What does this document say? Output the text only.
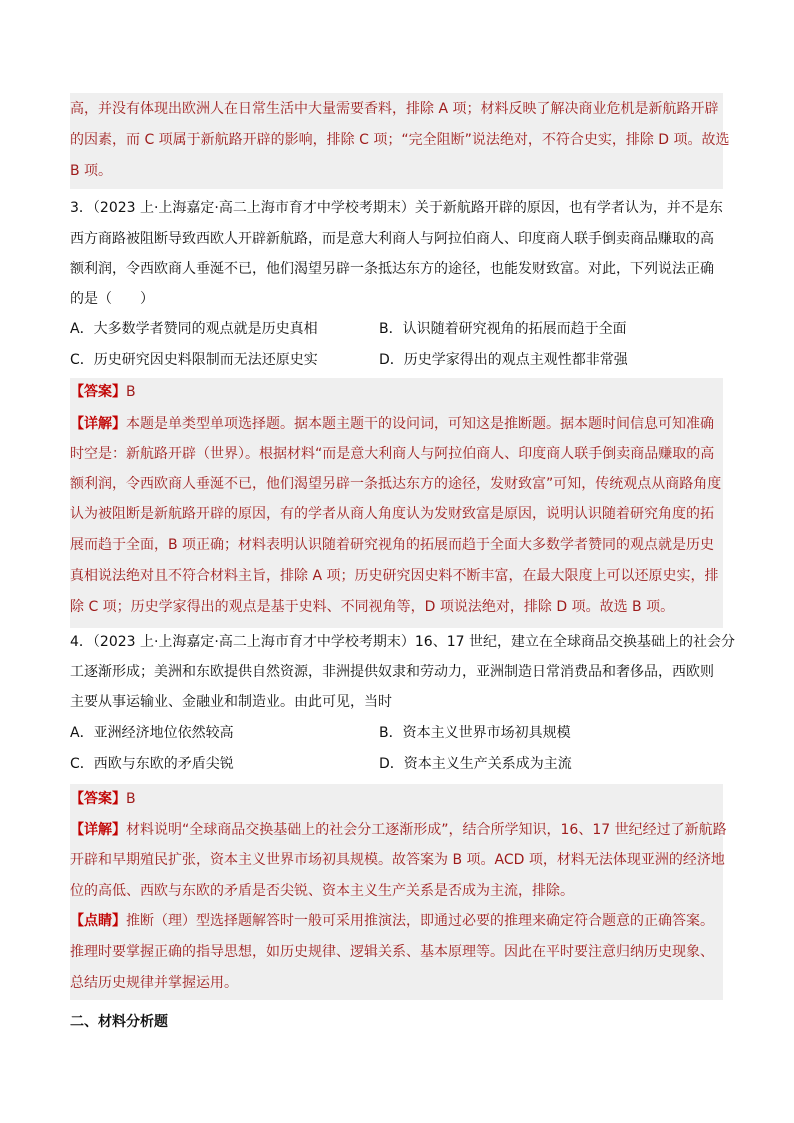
高，并没有体现出欧洲人在日常生活中大量需要香料，排除 A 项；材料反映了解决商业危机是新航路开辟
的因素，而 C 项属于新航路开辟的影响，排除 C 项；“完全阻断”说法绝对，不符合史实，排除 D 项。故选
B 项。
3．（2023 上·上海嘉定·高二上海市育才中学校考期末）关于新航路开辟的原因，也有学者认为，并不是东
西方商路被阻断导致西欧人开辟新航路，而是意大利商人与阿拉伯商人、印度商人联手倒卖商品赚取的高
额利润，令西欧商人垂涎不已，他们渴望另辟一条抵达东方的途径，也能发财致富。对此，下列说法正确
的是（　　）
A．大多数学者赞同的观点就是历史真相	B．认识随着研究视角的拓展而趋于全面
C．历史研究因史料限制而无法还原史实	D．历史学家得出的观点主观性都非常强
【答案】B
【详解】本题是单类型单项选择题。据本题主题干的设问词，可知这是推断题。据本题时间信息可知准确
时空是：新航路开辟（世界）。根据材料“而是意大利商人与阿拉伯商人、印度商人联手倒卖商品赚取的高
额利润，令西欧商人垂涎不已，他们渴望另辟一条抵达东方的途径，发财致富”可知，传统观点从商路角度
认为被阻断是新航路开辟的原因，有的学者从商人角度认为发财致富是原因，说明认识随着研究角度的拓
展而趋于全面，B 项正确；材料表明认识随着研究视角的拓展而趋于全面大多数学者赞同的观点就是历史
真相说法绝对且不符合材料主旨，排除 A 项；历史研究因史料不断丰富，在最大限度上可以还原史实，排
除 C 项；历史学家得出的观点是基于史料、不同视角等，D 项说法绝对，排除 D 项。故选 B 项。
4．（2023 上·上海嘉定·高二上海市育才中学校考期末）16、17 世纪，建立在全球商品交换基础上的社会分
工逐渐形成；美洲和东欧提供自然资源，非洲提供奴隶和劳动力，亚洲制造日常消费品和奢侈品，西欧则
主要从事运输业、金融业和制造业。由此可见，当时
A．亚洲经济地位依然较高	B．资本主义世界市场初具规模
C．西欧与东欧的矛盾尖锐	D．资本主义生产关系成为主流
【答案】B
【详解】材料说明“全球商品交换基础上的社会分工逐渐形成”，结合所学知识，16、17 世纪经过了新航路
开辟和早期殖民扩张，资本主义世界市场初具规模。故答案为 B 项。ACD 项，材料无法体现亚洲的经济地
位的高低、西欧与东欧的矛盾是否尖锐、资本主义生产关系是否成为主流，排除。
【点睛】推断（理）型选择题解答时一般可采用推演法，即通过必要的推理来确定符合题意的正确答案。
推理时要掌握正确的指导思想，如历史规律、逻辑关系、基本原理等。因此在平时要注意归纳历史现象、
总结历史规律并掌握运用。
二、材料分析题
